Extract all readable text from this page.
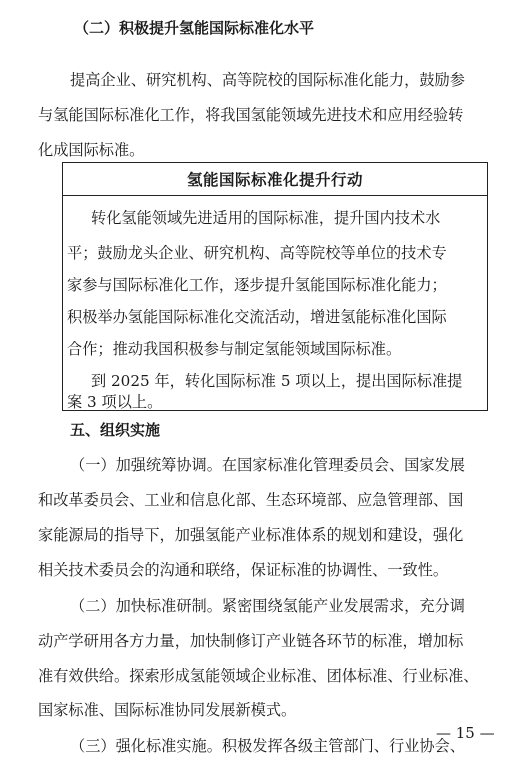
（二）积极提升氢能国际标准化水平
提高企业、研究机构、高等院校的国际标准化能力，鼓励参
与氢能国际标准化工作，将我国氢能领域先进技术和应用经验转
化成国际标准。
氢能国际标准化提升行动
转化氢能领域先进适用的国际标准，提升国内技术水
平；鼓励龙头企业、研究机构、高等院校等单位的技术专
家参与国际标准化工作，逐步提升氢能国际标准化能力；
积极举办氢能国际标准化交流活动，增进氢能标准化国际
合作；推动我国积极参与制定氢能领域国际标准。
到 2025 年，转化国际标准 5 项以上，提出国际标准提
案 3 项以上。
五、组织实施
（一）加强统筹协调。在国家标准化管理委员会、国家发展
和改革委员会、工业和信息化部、生态环境部、应急管理部、国
家能源局的指导下，加强氢能产业标准体系的规划和建设，强化
相关技术委员会的沟通和联络，保证标准的协调性、一致性。
（二）加快标准研制。紧密围绕氢能产业发展需求，充分调
动产学研用各方力量，加快制修订产业链各环节的标准，增加标
准有效供给。探索形成氢能领域企业标准、团体标准、行业标准、
国家标准、国际标准协同发展新模式。
（三）强化标准实施。积极发挥各级主管部门、行业协会、
— 15 —
